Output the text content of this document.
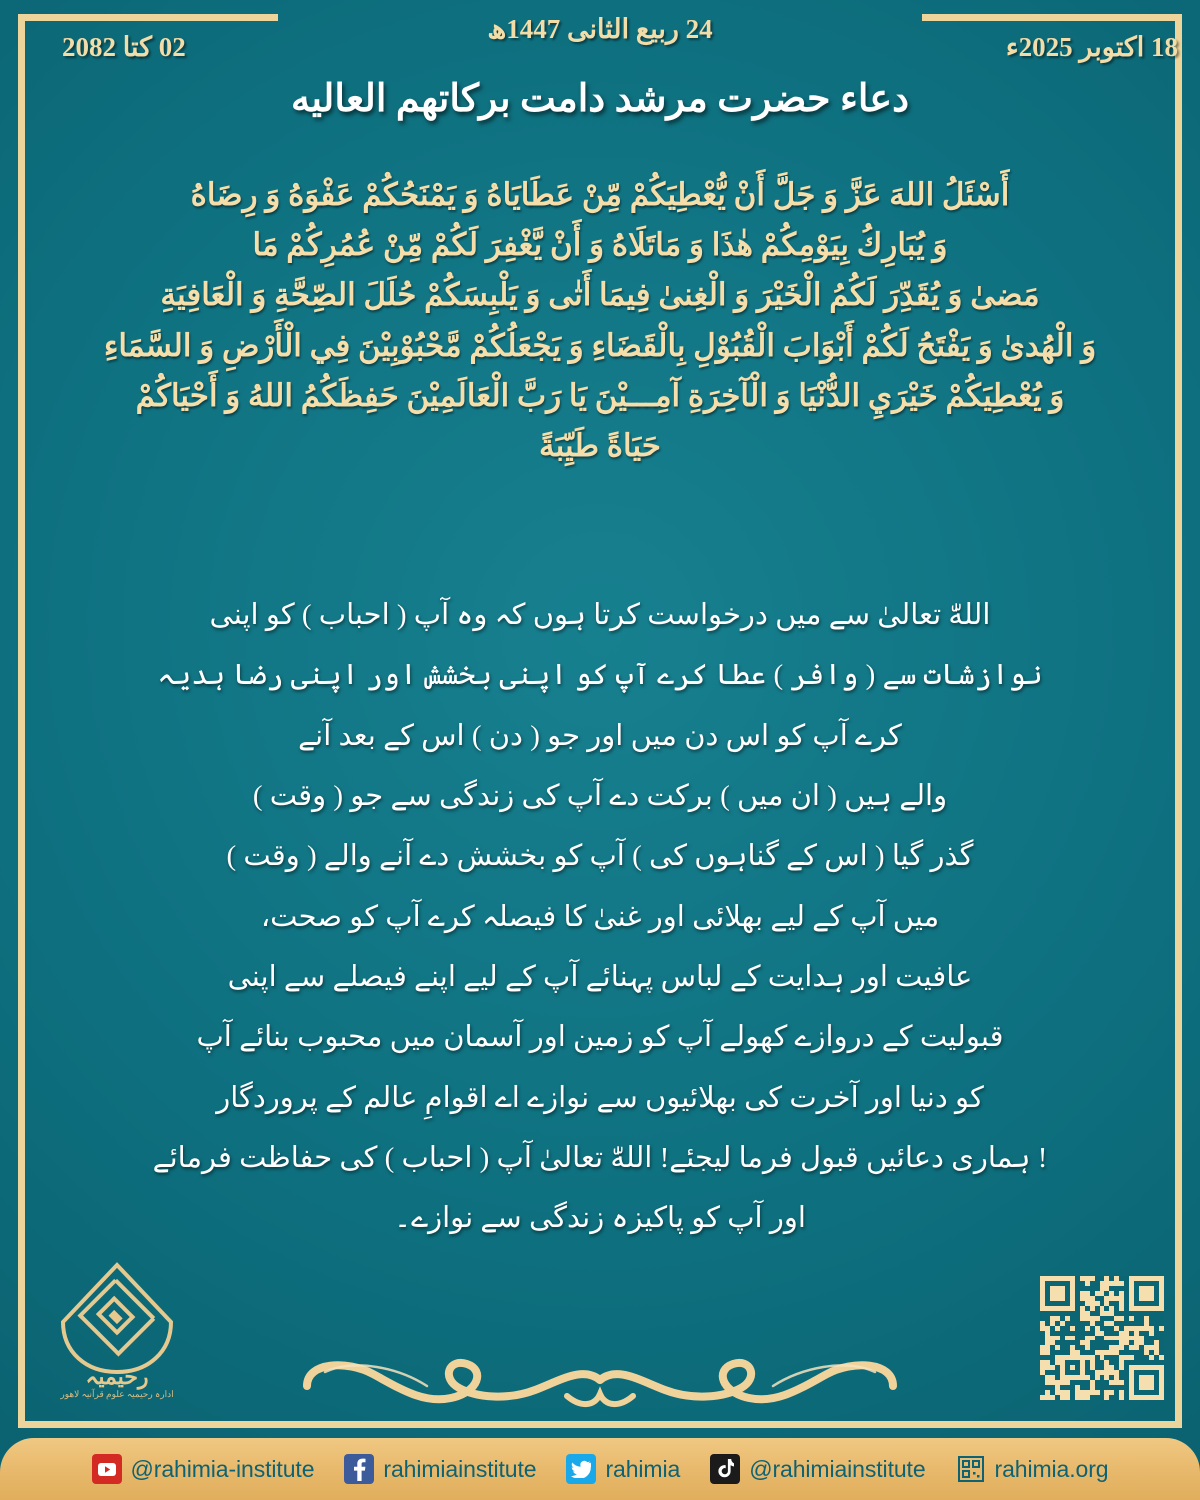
02 کتا 2082	18 اکتوبر 2025ء
24 ربیع الثانی 1447ھ
دعاء حضرت مرشد دامت برکاتهم العالیه
أَسْئَلُ اللهَ عَزَّ وَ جَلَّ أَنْ يُّعْطِيَكُمْ مِّنْ عَطَايَاهُ وَ يَمْنَحُكُمْ عَفْوَهُ وَ رِضَاهُ
وَ يُبَارِكُ بِيَوْمِكُمْ هٰذَا وَ مَاتَلَاهُ وَ أَنْ يَّغْفِرَ لَكُمْ مِّنْ عُمُرِكُمْ مَا
مَضىٰ وَ يُقَدِّرَ لَكُمُ الْخَيْرَ وَ الْغِنىٰ فِيمَا أَتٰى وَ يَلْبِسَكُمْ حُلَلَ الصِّحَّةِ وَ الْعَافِيَةِ
وَ الْهُدىٰ وَ يَفْتَحُ لَكُمْ أَبْوَابَ الْقُبُوْلِ بِالْقَضَاءِ وَ يَجْعَلُكُمْ مَّحْبُوْبِيْنَ فِي الْأَرْضِ وَ السَّمَاءِ
وَ يُعْطِيَكُمْ خَيْرَيِ الدُّنْيَا وَ الْآخِرَةِ آمِـــيْنَ يَا رَبَّ الْعَالَمِيْنَ حَفِظَكُمُ اللهُ وَ أَحْيَاكُمْ
حَيَاةً طَيِّبَةً
اللهّٰ تعالیٰ سے میں درخواست کرتا ہوں کہ وہ آپ ( احباب ) کو اپنی
نوازشات سے ( وافر ) عطا کرے آپ کو اپنی بخشش اور اپنی رضا ہدیہ
کرے آپ کو اس دن میں اور جو ( دن ) اس کے بعد آنے
والے ہیں ( ان میں ) برکت دے آپ کی زندگی سے جو ( وقت )
گذر گیا ( اس کے گناہوں کی ) آپ کو بخشش دے آنے والے ( وقت )
میں آپ کے لیے بھلائی اور غنیٰ کا فیصلہ کرے آپ کو صحت،
عافیت اور ہدایت کے لباس پہنائے آپ کے لیے اپنے فیصلے سے اپنی
قبولیت کے دروازے کھولے آپ کو زمین اور آسمان میں محبوب بنائے آپ
کو دنیا اور آخرت کی بھلائیوں سے نوازے اے اقوامِ عالم کے پروردگار
! ہماری دعائیں قبول فرما لیجئے! اللهّٰ تعالیٰ آپ ( احباب ) کی حفاظت فرمائے
اور آپ کو پاکیزہ زندگی سے نوازے۔
رحیمیہ
ادارہ رحیمیہ علومِ قرآنیہ لاھور
@rahimia-institute	rahimiainstitute	rahimia	@rahimiainstitute	rahimia.org
